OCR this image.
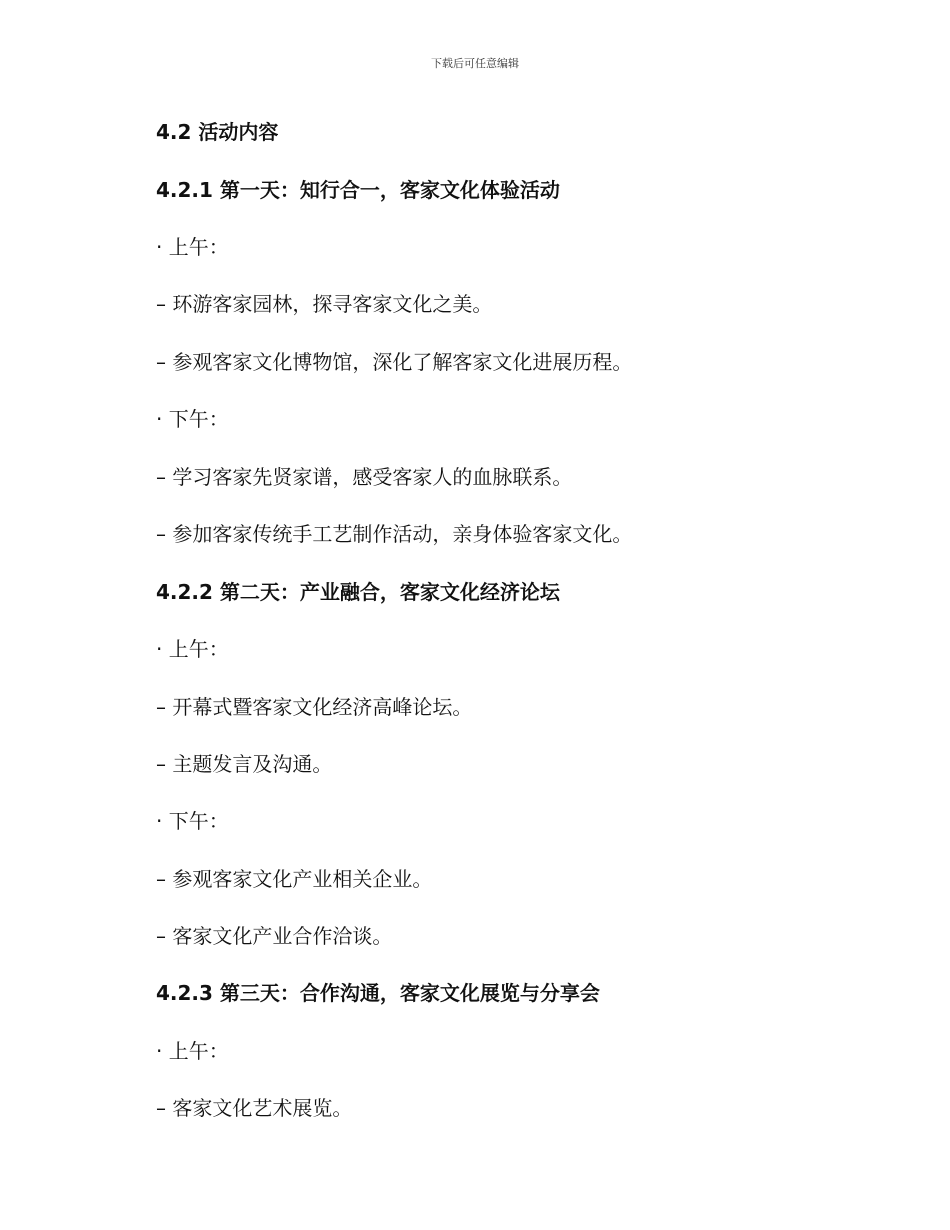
下载后可任意编辑
4.2 活动内容
4.2.1 第一天：知行合一，客家文化体验活动
· 上午：
– 环游客家园林，探寻客家文化之美。
– 参观客家文化博物馆，深化了解客家文化进展历程。
· 下午：
– 学习客家先贤家谱，感受客家人的血脉联系。
– 参加客家传统手工艺制作活动，亲身体验客家文化。
4.2.2 第二天：产业融合，客家文化经济论坛
· 上午：
– 开幕式暨客家文化经济高峰论坛。
– 主题发言及沟通。
· 下午：
– 参观客家文化产业相关企业。
– 客家文化产业合作洽谈。
4.2.3 第三天：合作沟通，客家文化展览与分享会
· 上午：
– 客家文化艺术展览。
